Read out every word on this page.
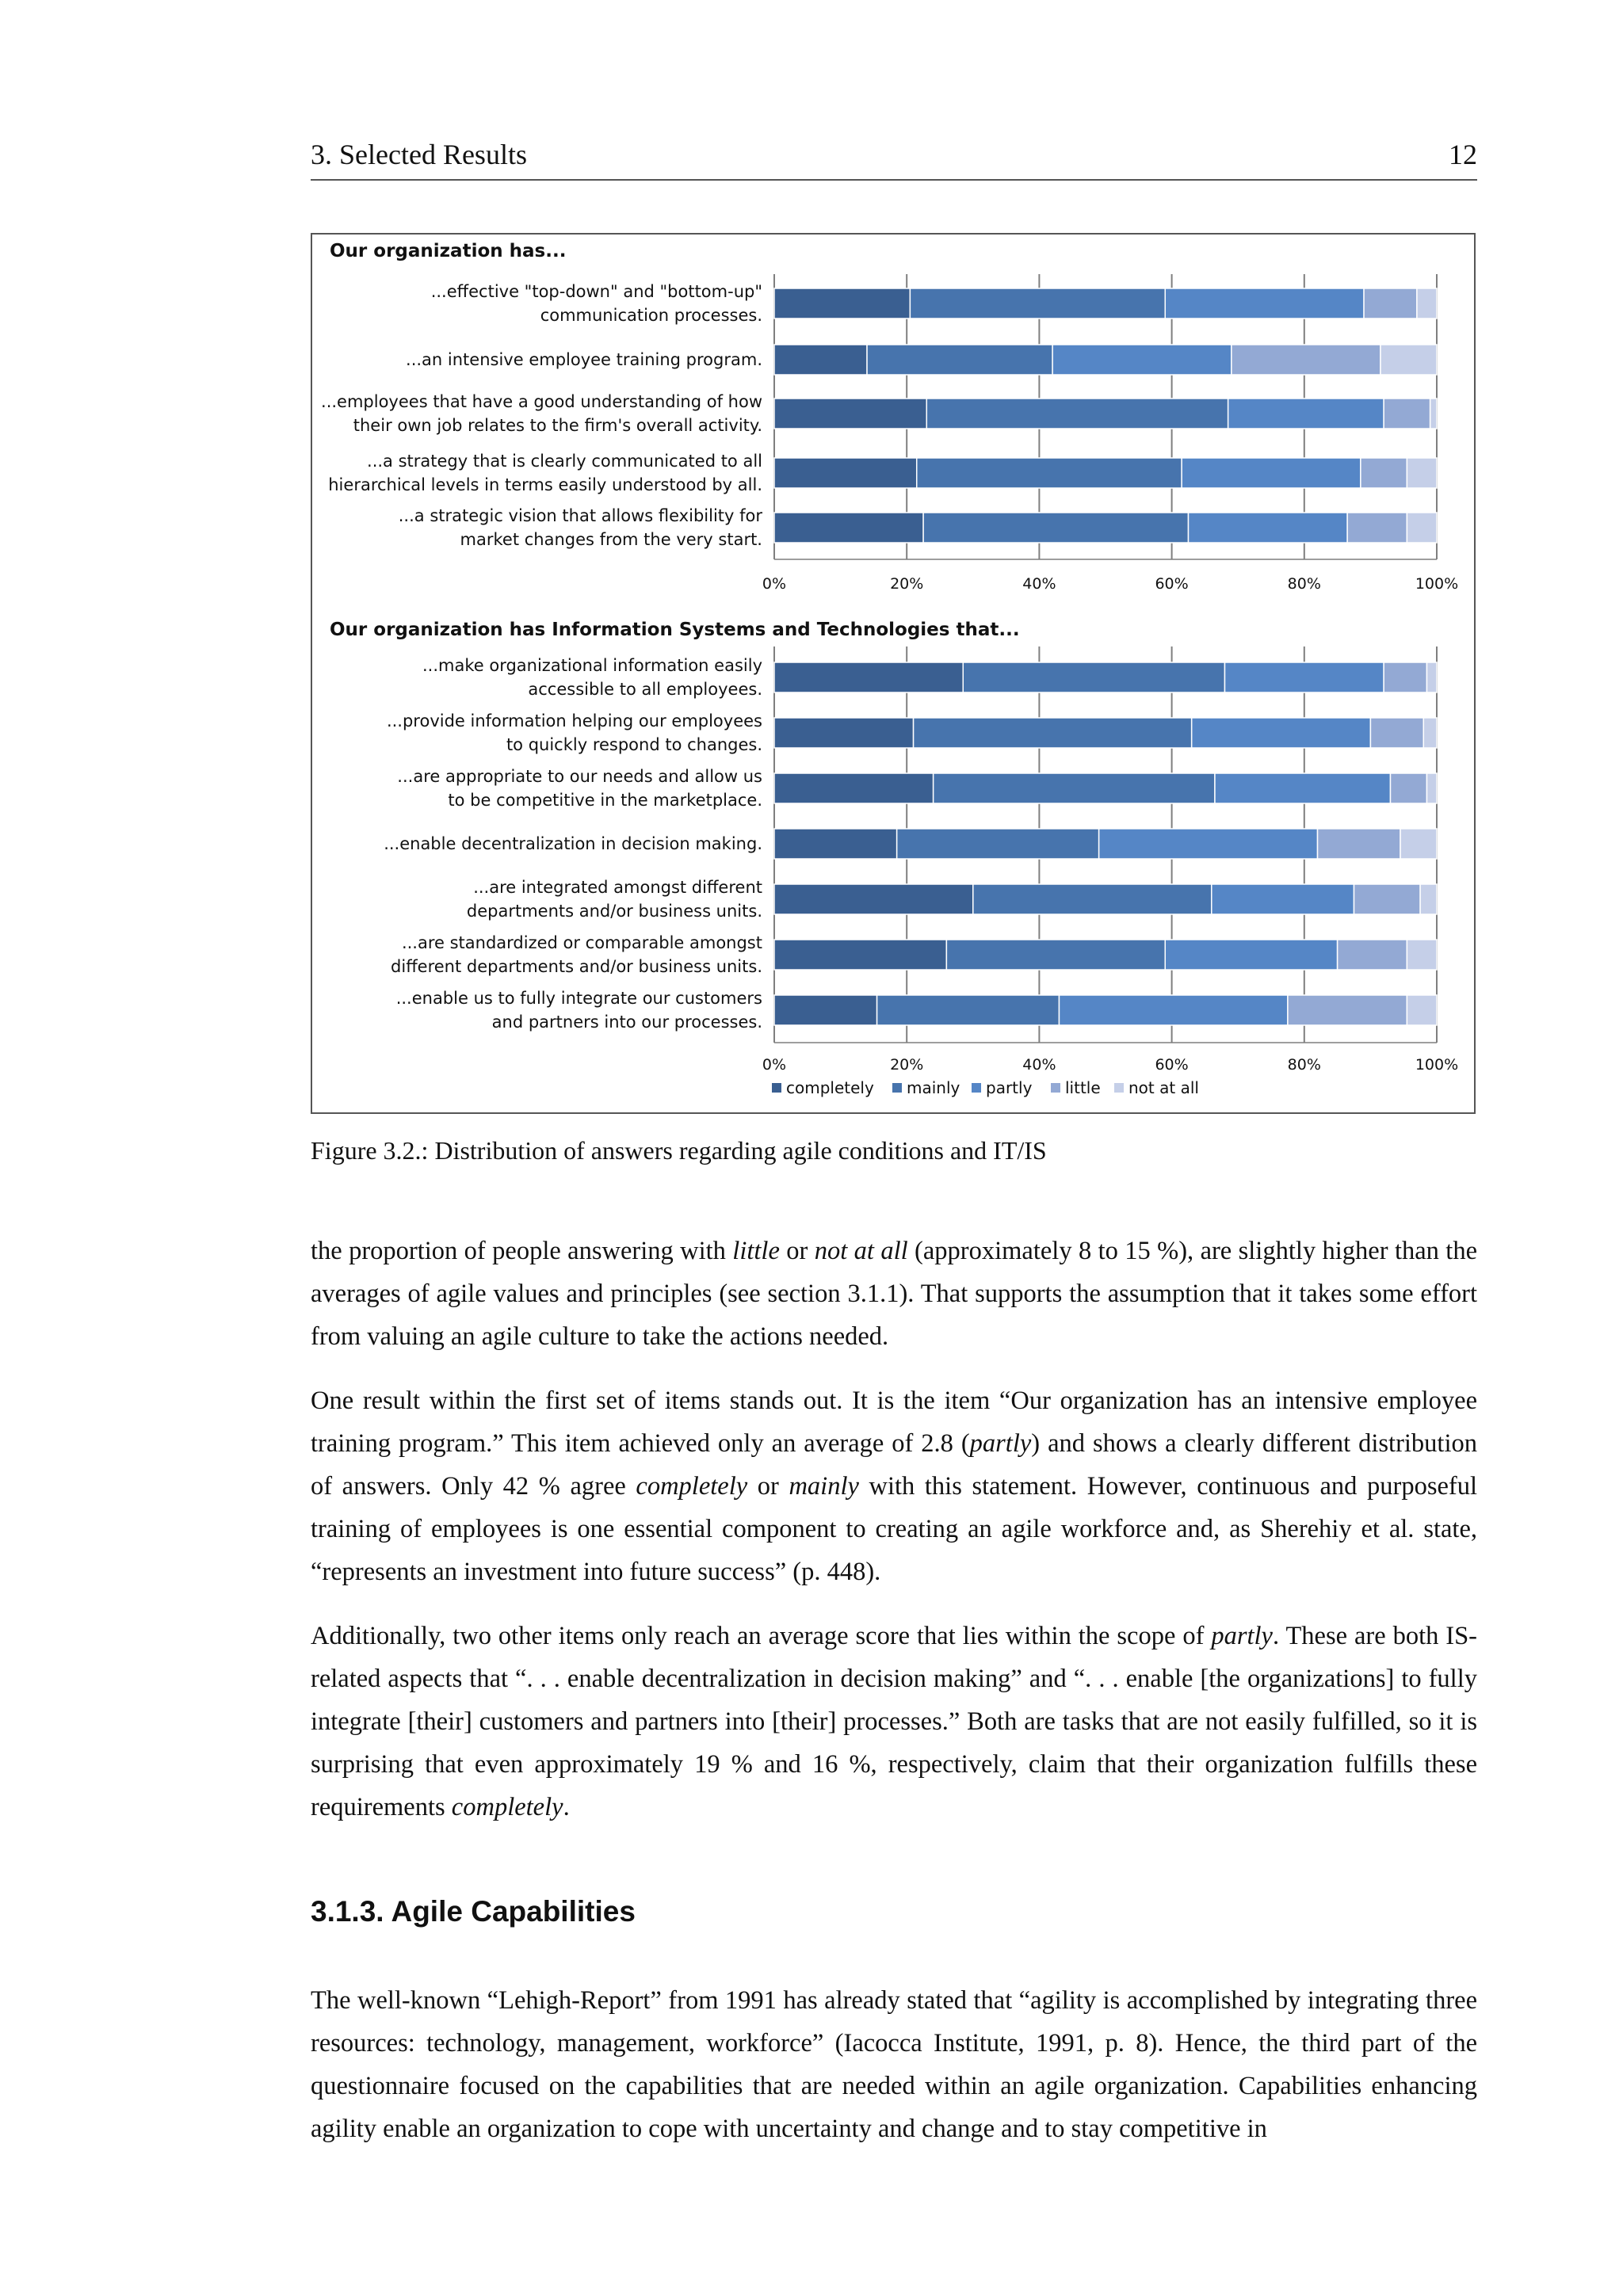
3. Selected Results	12
Our organization has...
0%	20%	40%	60%	80%	100%
...effective "top-down" and "bottom-up"
communication processes.
...an intensive employee training program.
...employees that have a good understanding of how
their own job relates to the firm's overall activity.
...a strategy that is clearly communicated to all
hierarchical levels in terms easily understood by all.
...a strategic vision that allows flexibility for
market changes from the very start.
Our organization has Information Systems and Technologies that...
0%	20%	40%	60%	80%	100%
...make organizational information easily
accessible to all employees.
...provide information helping our employees
to quickly respond to changes.
...are appropriate to our needs and allow us
to be competitive in the marketplace.
...enable decentralization in decision making.
...are integrated amongst different
departments and/or business units.
...are standardized or comparable amongst
different departments and/or business units.
...enable us to fully integrate our customers
and partners into our processes.
completely mainly partly little not at all
Figure 3.2.: Distribution of answers regarding agile conditions and IT/IS

the proportion of people answering with little or not at all (approximately 8 to 15 %), are slightly higher than the averages of agile values and principles (see section 3.1.1). That supports the assumption that it takes some effort from valuing an agile culture to take the actions needed.

One result within the first set of items stands out. It is the item “Our organization has an intensive employee training program.” This item achieved only an average of 2.8 (partly) and shows a clearly different distribution of answers. Only 42 % agree completely or mainly with this statement. However, continuous and purposeful training of employees is one essential component to creating an agile workforce and, as Sherehiy et al. state, “represents an investment into future success” (p. 448).

Additionally, two other items only reach an average score that lies within the scope of partly. These are both IS-related aspects that “. . . enable decentralization in decision making” and “. . . enable [the organizations] to fully integrate [their] customers and partners into [their] processes.” Both are tasks that are not easily fulfilled, so it is surprising that even approximately 19 % and 16 %, respectively, claim that their organization fulfills these requirements completely.

3.1.3. Agile Capabilities

The well-known “Lehigh-Report” from 1991 has already stated that “agility is accomplished by integrating three resources: technology, management, workforce” (Iacocca Institute, 1991, p. 8). Hence, the third part of the questionnaire focused on the capabilities that are needed within an agile organization. Capabilities enhancing agility enable an organization to cope with uncertainty and change and to stay competitive in
